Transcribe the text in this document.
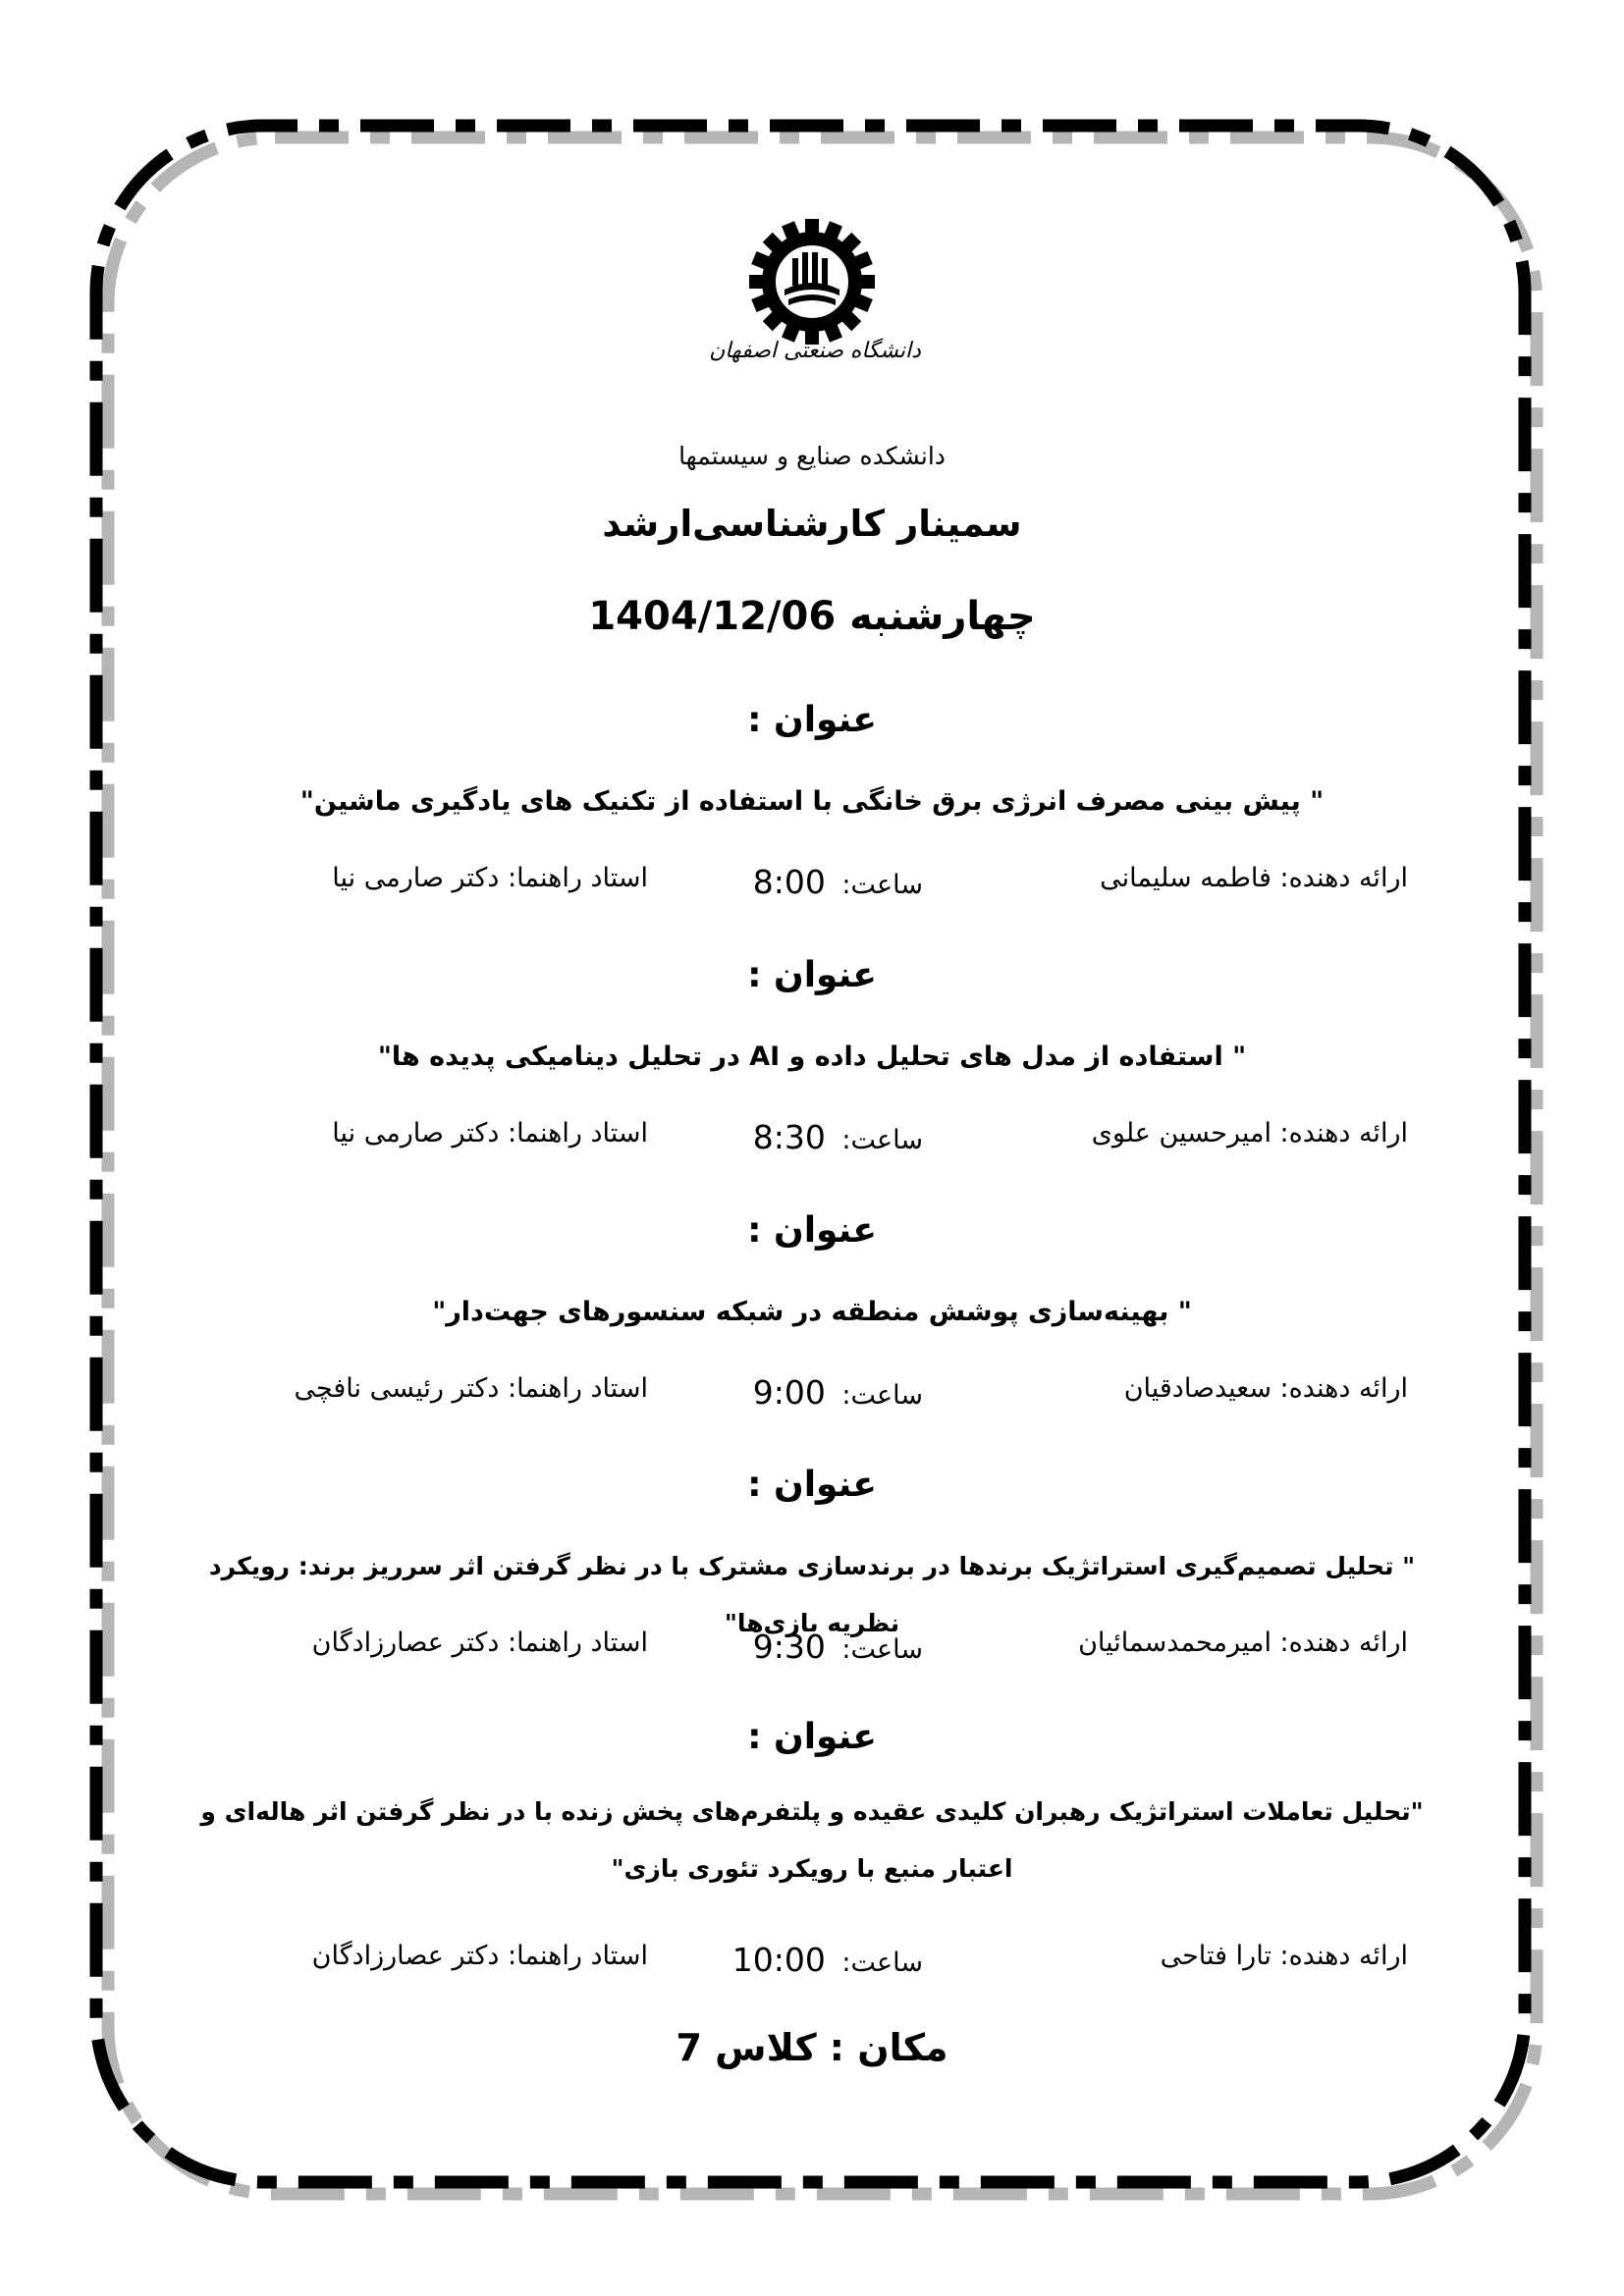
دانشگاه صنعتی اصفهان
دانشکده صنایع و سیستمها
سمینار کارشناسی‌ارشد
چهارشنبه 1404/12/06
عنوان :
" پیش بینی مصرف انرژی برق خانگی با استفاده از تکنیک های یادگیری ماشین"
ارائه دهنده: فاطمه سلیمانی
ساعت: 8:00
استاد راهنما: دکتر صارمی نیا
عنوان :
" استفاده از مدل های تحلیل داده و AI در تحلیل دینامیکی پدیده ها"
ارائه دهنده: امیرحسین علوی
ساعت: 8:30
استاد راهنما: دکتر صارمی نیا
عنوان :
" بهینه‌سازی پوشش منطقه در شبکه سنسورهای جهت‌دار"
ارائه دهنده: سعیدصادقیان
ساعت: 9:00
استاد راهنما: دکتر رئیسی نافچی
عنوان :
" تحلیل تصمیم‌گیری استراتژیک برندها در برندسازی مشترک با در نظر گرفتن اثر سرریز برند: رویکرد نظریه بازی‌ها"
ارائه دهنده: امیرمحمدسمائیان
ساعت: 9:30
استاد راهنما: دکتر عصارزادگان
عنوان :
"تحلیل تعاملات استراتژیک رهبران کلیدی عقیده و پلتفرم‌های پخش زنده با در نظر گرفتن اثر هاله‌ای و اعتبار منبع با رویکرد تئوری بازی"
ارائه دهنده: تارا فتاحی
ساعت: 10:00
استاد راهنما: دکتر عصارزادگان
مکان : کلاس 7
